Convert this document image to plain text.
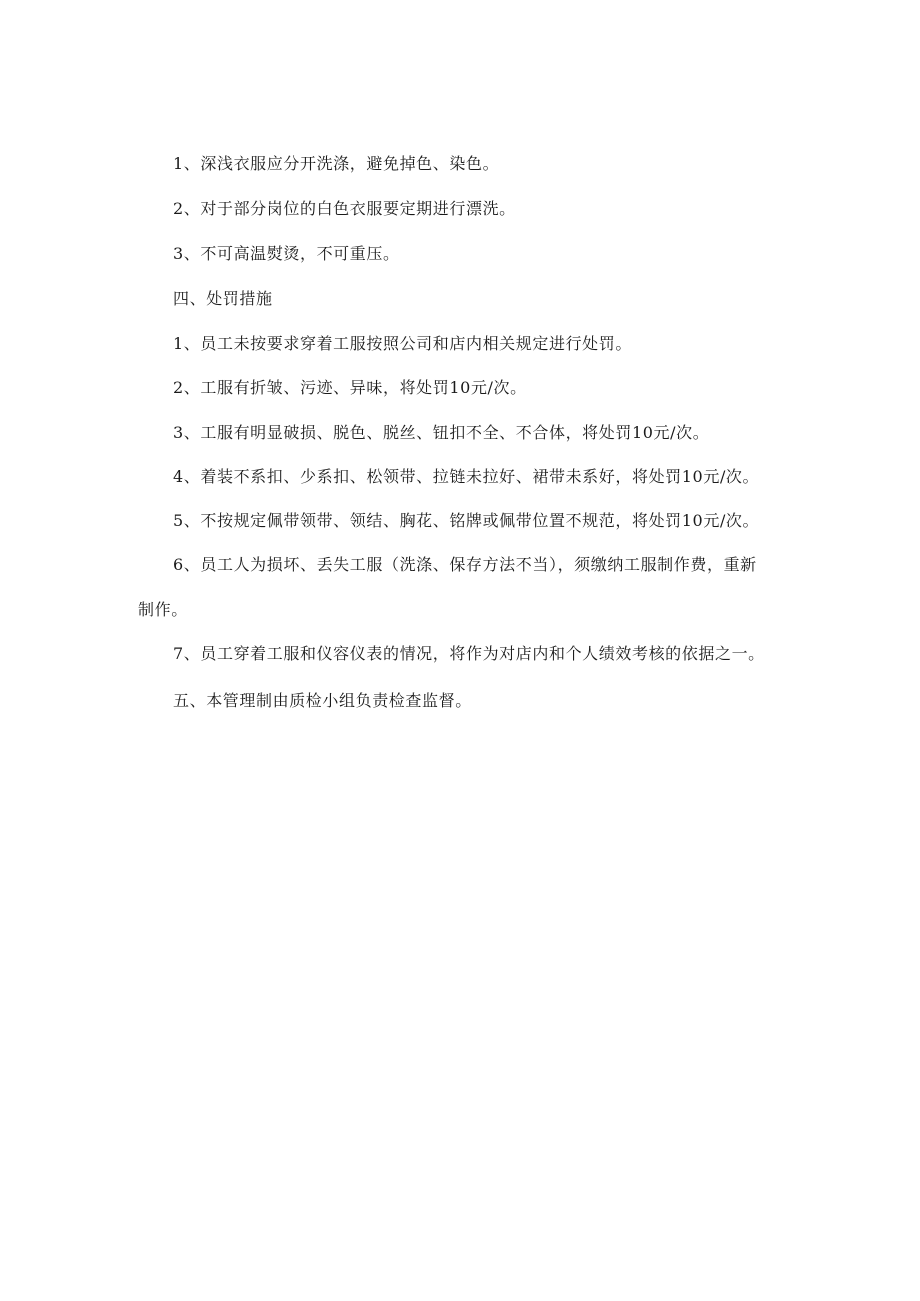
1、深浅衣服应分开洗涤，避免掉色、染色。
2、对于部分岗位的白色衣服要定期进行漂洗。
3、不可高温熨烫，不可重压。
四、处罚措施
1、员工未按要求穿着工服按照公司和店内相关规定进行处罚。
2、工服有折皱、污迹、异味，将处罚10元/次。
3、工服有明显破损、脱色、脱丝、钮扣不全、不合体，将处罚10元/次。
4、着装不系扣、少系扣、松领带、拉链未拉好、裙带未系好，将处罚10元/次。
5、不按规定佩带领带、领结、胸花、铭牌或佩带位置不规范，将处罚10元/次。
6、员工人为损坏、丢失工服（洗涤、保存方法不当），须缴纳工服制作费，重新
制作。
7、员工穿着工服和仪容仪表的情况，将作为对店内和个人绩效考核的依据之一。
五、本管理制由质检小组负责检查监督。
